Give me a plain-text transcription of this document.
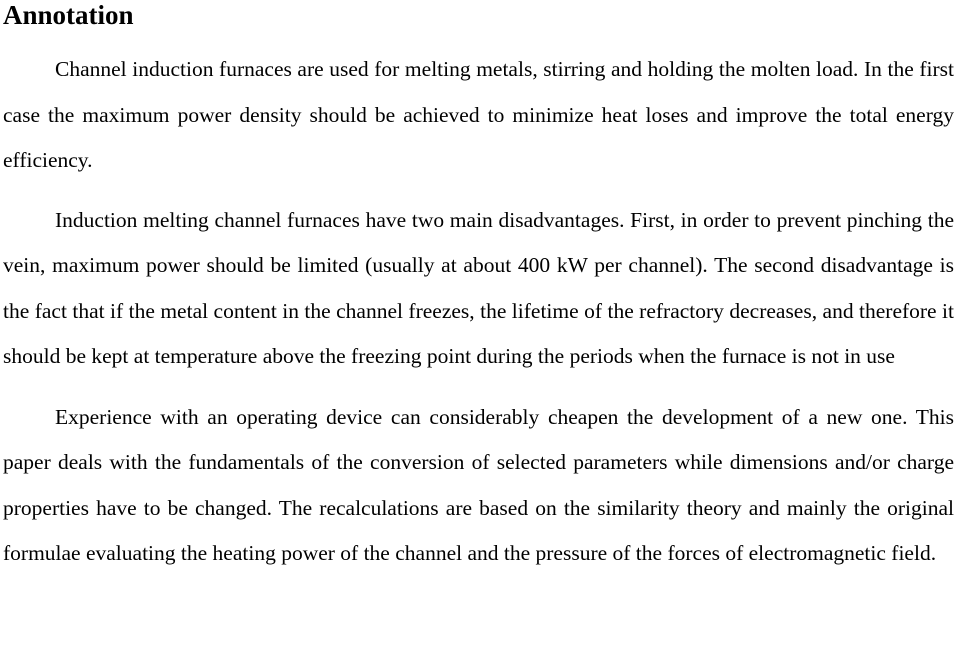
Annotation

Channel induction furnaces are used for melting metals, stirring and holding the molten load. In the first case the maximum power density should be achieved to minimize heat loses and improve the total energy efficiency.

Induction melting channel furnaces have two main disadvantages. First, in order to prevent pinching the vein, maximum power should be limited (usually at about 400 kW per channel). The second disadvantage is the fact that if the metal content in the channel freezes, the lifetime of the refractory decreases, and therefore it should be kept at temperature above the freezing point during the periods when the furnace is not in use

Experience with an operating device can considerably cheapen the development of a new one. This paper deals with the fundamentals of the conversion of selected parameters while dimensions and/or charge properties have to be changed. The recalculations are based on the similarity theory and mainly the original formulae evaluating the heating power of the channel and the pressure of the forces of electromagnetic field.
